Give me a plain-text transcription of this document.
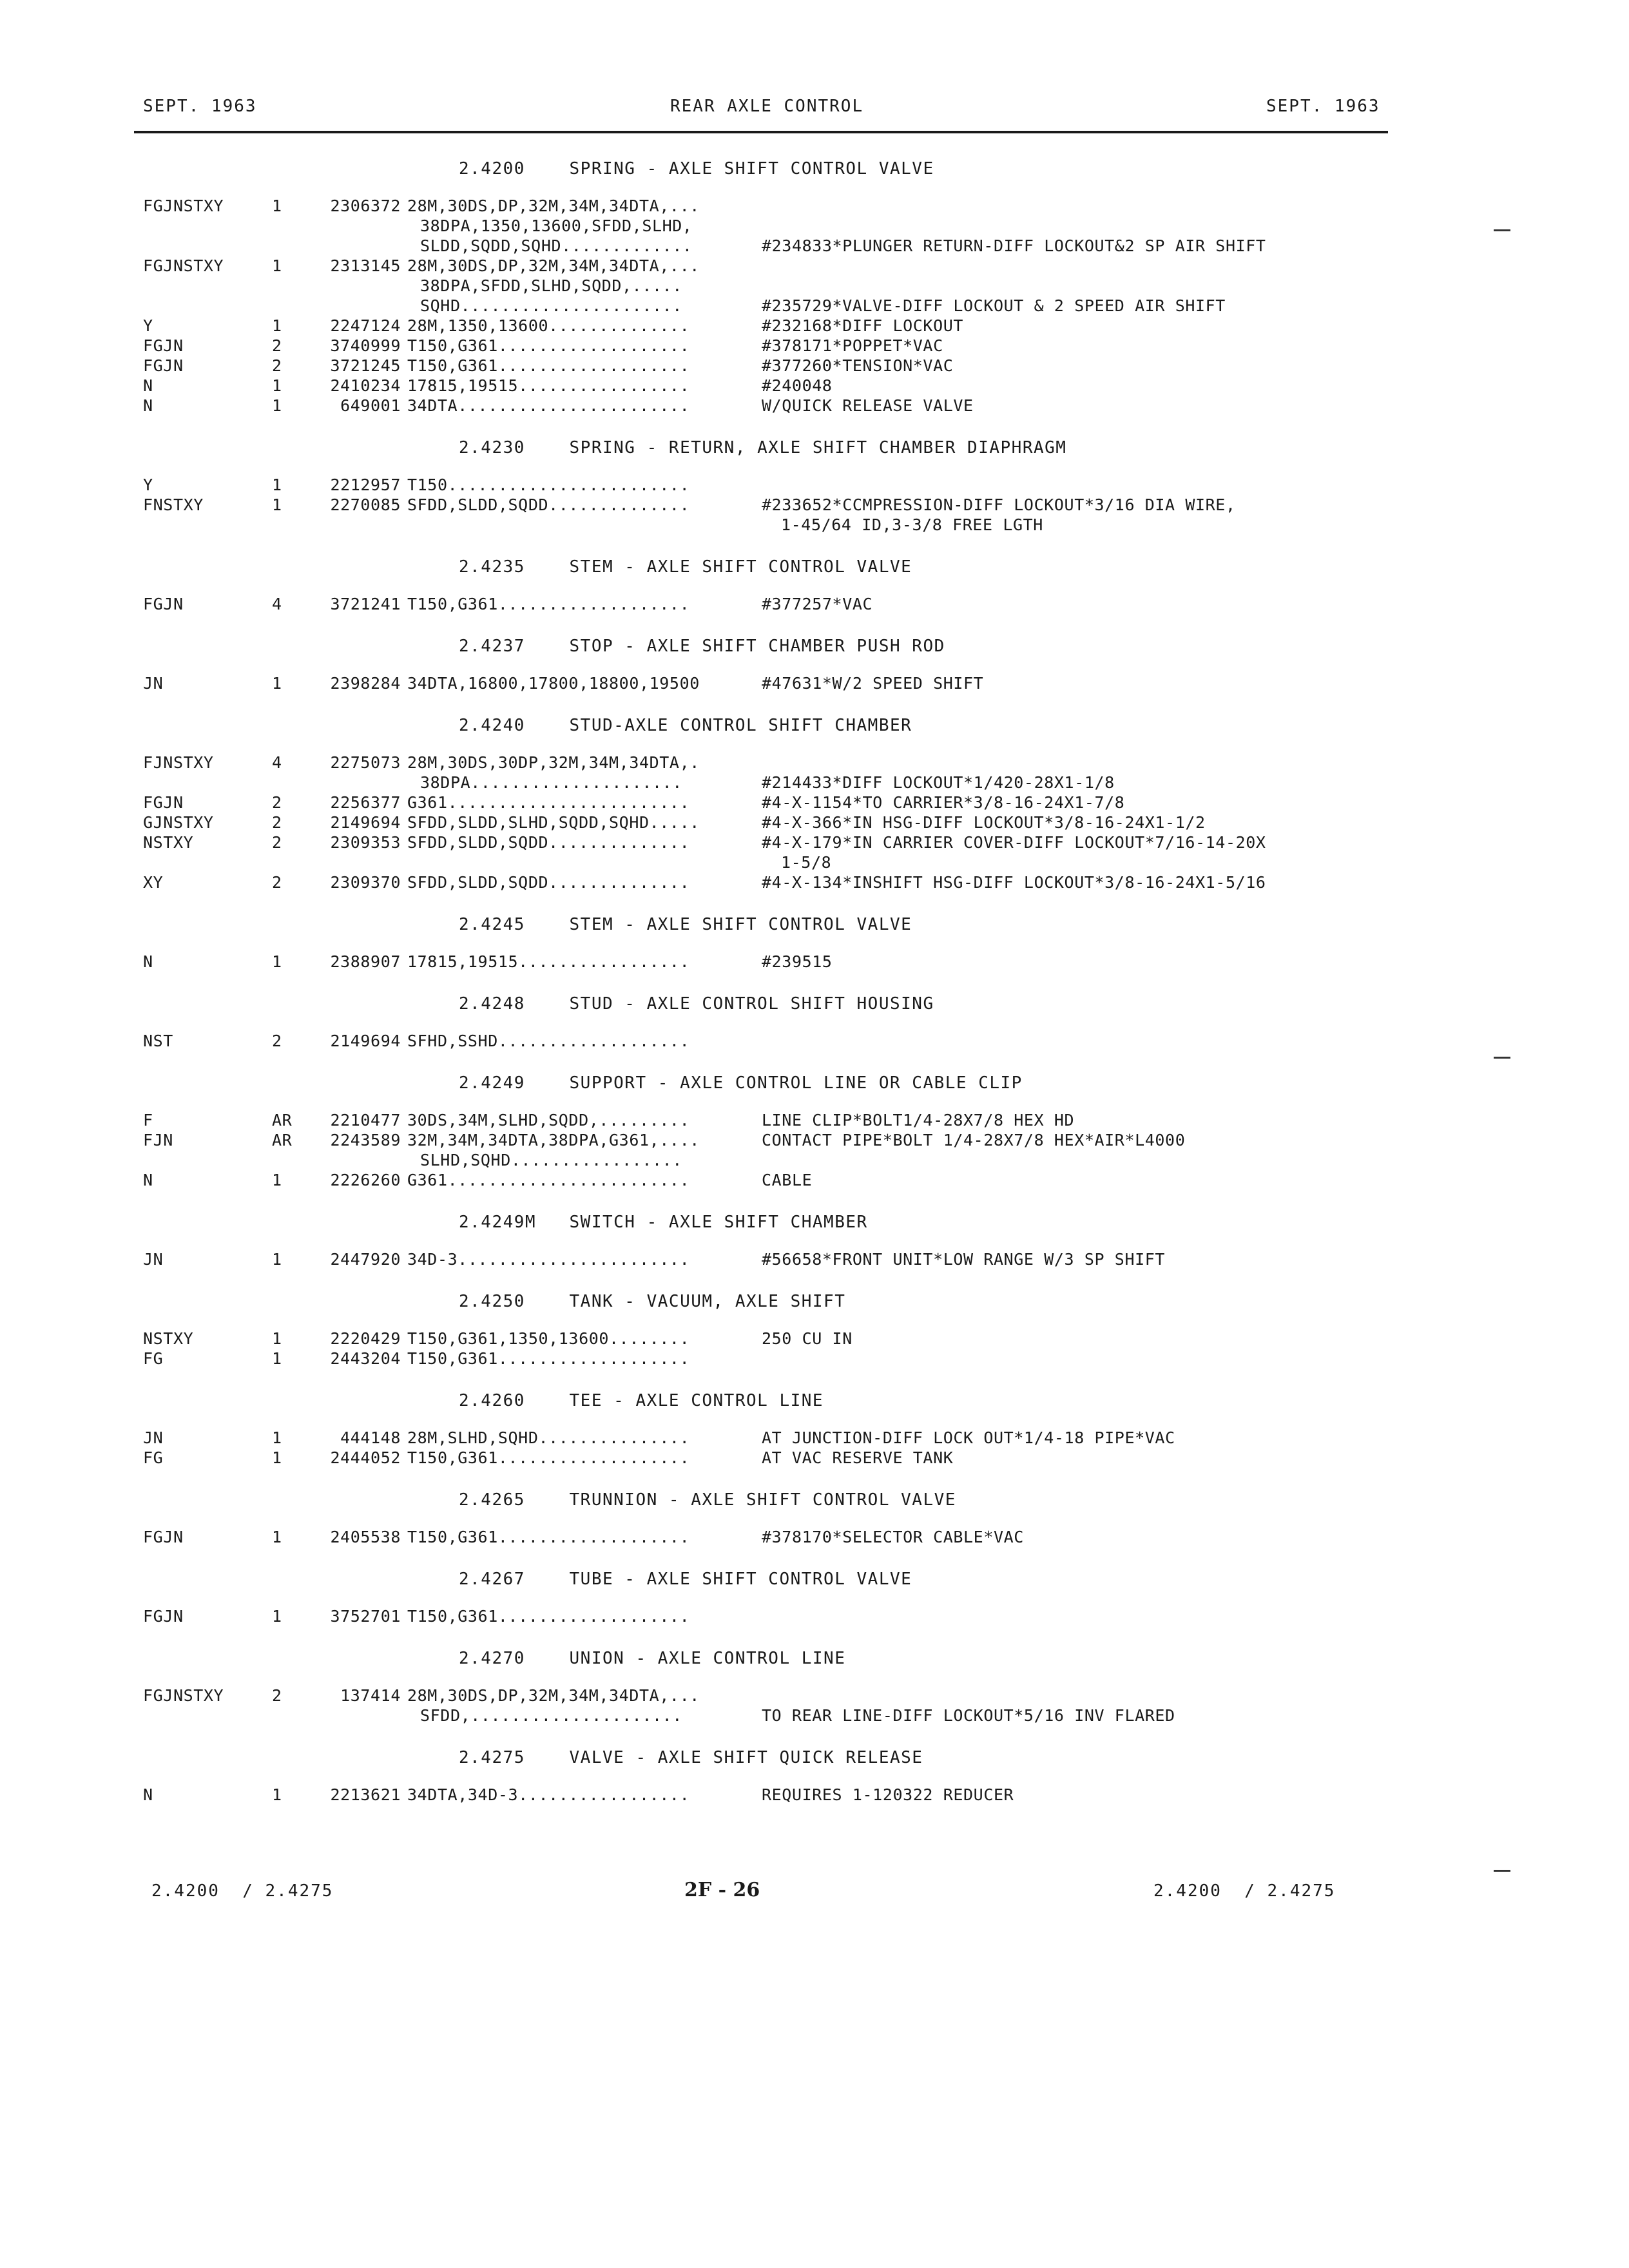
SEPT. 1963	REAR AXLE CONTROL	SEPT. 1963
2.4200    SPRING - AXLE SHIFT CONTROL VALVE
FGJNSTXY	1	2306372 28M,30DS,DP,32M,34M,34DTA,...
38DPA,1350,13600,SFDD,SLHD,
SLDD,SQDD,SQHD.............	#234833*PLUNGER RETURN-DIFF LOCKOUT&2 SP AIR SHIFT
FGJNSTXY	1	2313145 28M,30DS,DP,32M,34M,34DTA,...
38DPA,SFDD,SLHD,SQDD,.....
SQHD......................	#235729*VALVE-DIFF LOCKOUT & 2 SPEED AIR SHIFT
Y	1	2247124 28M,1350,13600..............	#232168*DIFF LOCKOUT
FGJN	2	3740999 T150,G361...................	#378171*POPPET*VAC
FGJN	2	3721245 T150,G361...................	#377260*TENSION*VAC
N	1	2410234 17815,19515.................	#240048
N	1	649001 34DTA.......................	W/QUICK RELEASE VALVE
2.4230    SPRING - RETURN, AXLE SHIFT CHAMBER DIAPHRAGM
Y	1	2212957 T150........................
FNSTXY	1	2270085 SFDD,SLDD,SQDD..............	#233652*CCMPRESSION-DIFF LOCKOUT*3/16 DIA WIRE,
1-45/64 ID,3-3/8 FREE LGTH
2.4235    STEM - AXLE SHIFT CONTROL VALVE
FGJN	4	3721241 T150,G361...................	#377257*VAC
2.4237    STOP - AXLE SHIFT CHAMBER PUSH ROD
JN	1	2398284 34DTA,16800,17800,18800,19500	#47631*W/2 SPEED SHIFT
2.4240    STUD-AXLE CONTROL SHIFT CHAMBER
FJNSTXY	4	2275073 28M,30DS,30DP,32M,34M,34DTA,.
38DPA.....................	#214433*DIFF LOCKOUT*1/420-28X1-1/8
FGJN	2	2256377 G361........................	#4-X-1154*TO CARRIER*3/8-16-24X1-7/8
GJNSTXY	2	2149694 SFDD,SLDD,SLHD,SQDD,SQHD.....	#4-X-366*IN HSG-DIFF LOCKOUT*3/8-16-24X1-1/2
NSTXY	2	2309353 SFDD,SLDD,SQDD..............	#4-X-179*IN CARRIER COVER-DIFF LOCKOUT*7/16-14-20X
1-5/8
XY	2	2309370 SFDD,SLDD,SQDD..............	#4-X-134*INSHIFT HSG-DIFF LOCKOUT*3/8-16-24X1-5/16
2.4245    STEM - AXLE SHIFT CONTROL VALVE
N	1	2388907 17815,19515.................	#239515
2.4248    STUD - AXLE CONTROL SHIFT HOUSING
NST	2	2149694 SFHD,SSHD...................
2.4249    SUPPORT - AXLE CONTROL LINE OR CABLE CLIP
F	AR	2210477 30DS,34M,SLHD,SQDD,.........	LINE CLIP*BOLT1/4-28X7/8 HEX HD
FJN	AR	2243589 32M,34M,34DTA,38DPA,G361,....	CONTACT PIPE*BOLT 1/4-28X7/8 HEX*AIR*L4000
SLHD,SQHD.................
N	1	2226260 G361........................	CABLE
2.4249M   SWITCH - AXLE SHIFT CHAMBER
JN	1	2447920 34D-3.......................	#56658*FRONT UNIT*LOW RANGE W/3 SP SHIFT
2.4250    TANK - VACUUM, AXLE SHIFT
NSTXY	1	2220429 T150,G361,1350,13600........	250 CU IN
FG	1	2443204 T150,G361...................
2.4260    TEE - AXLE CONTROL LINE
JN	1	444148 28M,SLHD,SQHD...............	AT JUNCTION-DIFF LOCK OUT*1/4-18 PIPE*VAC
FG	1	2444052 T150,G361...................	AT VAC RESERVE TANK
2.4265    TRUNNION - AXLE SHIFT CONTROL VALVE
FGJN	1	2405538 T150,G361...................	#378170*SELECTOR CABLE*VAC
2.4267    TUBE - AXLE SHIFT CONTROL VALVE
FGJN	1	3752701 T150,G361...................
2.4270    UNION - AXLE CONTROL LINE
FGJNSTXY	2	137414 28M,30DS,DP,32M,34M,34DTA,...
SFDD,.....................	TO REAR LINE-DIFF LOCKOUT*5/16 INV FLARED
2.4275    VALVE - AXLE SHIFT QUICK RELEASE
N	1	2213621 34DTA,34D-3.................	REQUIRES 1-120322 REDUCER
2.4200  / 2.4275	2F - 26	2.4200  / 2.4275
